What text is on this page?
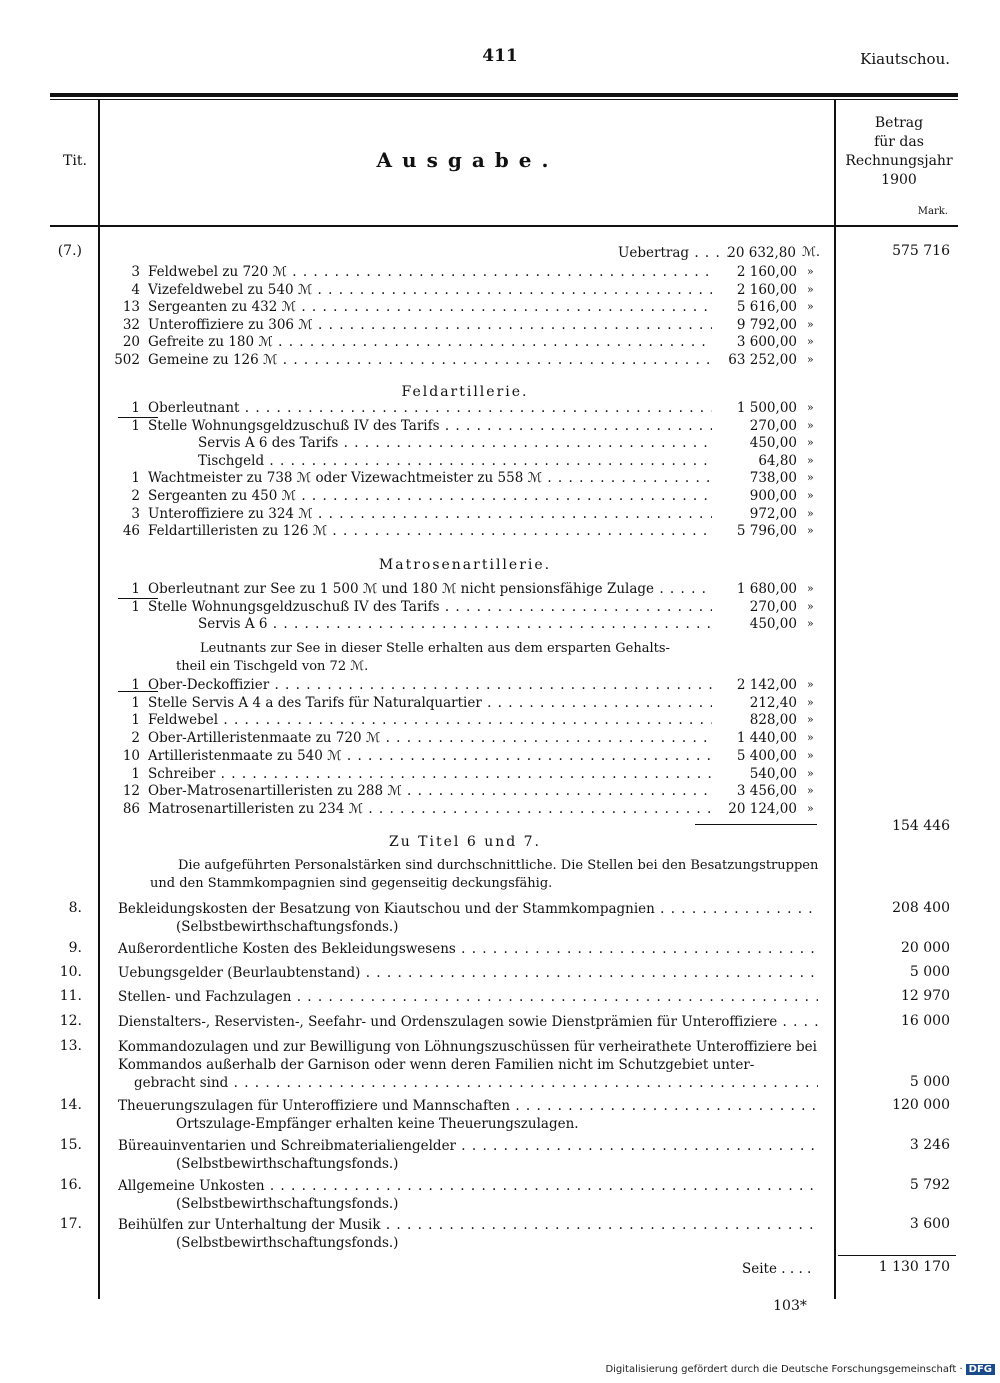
411	Kiautschou.
Tit.	Ausgabe.
Betrag
für das
Rechnungsjahr
1900
Mark.
(7.)	Uebertrag . . .	20 632,80 ℳ.	575 716
3 Feldwebel zu 720 ℳ . . .	2 160,00 »
4 Vizefeldwebel zu 540 ℳ . . .	2 160,00 »
13 Sergeanten zu 432 ℳ . . .	5 616,00 »
32 Unteroffiziere zu 306 ℳ . . .	9 792,00 »
20 Gefreite zu 180 ℳ . . .	3 600,00 »
502 Gemeine zu 126 ℳ . . .	63 252,00 »
Feldartillerie.
1 Oberleutnant . . .	1 500,00 »
1 Stelle Wohnungsgeldzuschuß IV des Tarifs . . .	270,00 »
Servis A 6 des Tarifs . . .	450,00 »
Tischgeld . . .	64,80 »
1 Wachtmeister zu 738 ℳ oder Vizewachtmeister zu 558 ℳ . . .	738,00 »
2 Sergeanten zu 450 ℳ . . .	900,00 »
3 Unteroffiziere zu 324 ℳ . . .	972,00 »
46 Feldartilleristen zu 126 ℳ . . .	5 796,00 »
Matrosenartillerie.
1 Oberleutnant zur See zu 1 500 ℳ und 180 ℳ nicht pensionsfähige Zulage . . .	1 680,00 »
1 Stelle Wohnungsgeldzuschuß IV des Tarifs . . .	270,00 »
Servis A 6 . . .	450,00 »
Leutnants zur See in dieser Stelle erhalten aus dem ersparten Gehalts-
theil ein Tischgeld von 72 ℳ.
1 Ober-Deckoffizier . . .	2 142,00 »
1 Stelle Servis A 4 a des Tarifs für Naturalquartier . . .	212,40 »
1 Feldwebel . . .	828,00 »
2 Ober-Artilleristenmaate zu 720 ℳ . . .	1 440,00 »
10 Artilleristenmaate zu 540 ℳ . . .	5 400,00 »
1 Schreiber . . .	540,00 »
12 Ober-Matrosenartilleristen zu 288 ℳ . . .	3 456,00 »
86 Matrosenartilleristen zu 234 ℳ . . .	20 124,00 »
154 446
Zu Titel 6 und 7.
Die aufgeführten Personalstärken sind durchschnittliche. Die Stellen bei den Besatzungstruppen
und den Stammkompagnien sind gegenseitig deckungsfähig.
8.	Bekleidungskosten der Besatzung von Kiautschou und der Stammkompagnien . . .
(Selbstbewirthschaftungsfonds.)
208 400
9.	Außerordentliche Kosten des Bekleidungswesens . . .	20 000
10.	Uebungsgelder (Beurlaubtenstand) . . .	5 000
11.	Stellen- und Fachzulagen . . .	12 970
12.	Dienstalters-, Reservisten-, Seefahr- und Ordenszulagen sowie Dienstprämien für Unteroffiziere . . .	16 000
13.	Kommandozulagen und zur Bewilligung von Löhnungszuschüssen für verheirathete Unteroffiziere bei
Kommandos außerhalb der Garnison oder wenn deren Familien nicht im Schutzgebiet unter-
gebracht sind . . .	5 000
14.	Theuerungszulagen für Unteroffiziere und Mannschaften . . .
Ortszulage-Empfänger erhalten keine Theuerungszulagen.
120 000
15.	Büreauinventarien und Schreibmaterialiengelder . . .
(Selbstbewirthschaftungsfonds.)
3 246
16.	Allgemeine Unkosten . . .
(Selbstbewirthschaftungsfonds.)
5 792
17.	Beihülfen zur Unterhaltung der Musik . . .
(Selbstbewirthschaftungsfonds.)
3 600
Seite . . . .	1 130 170
103*
Digitalisierung gefördert durch die Deutsche Forschungsgemeinschaft · DFG
